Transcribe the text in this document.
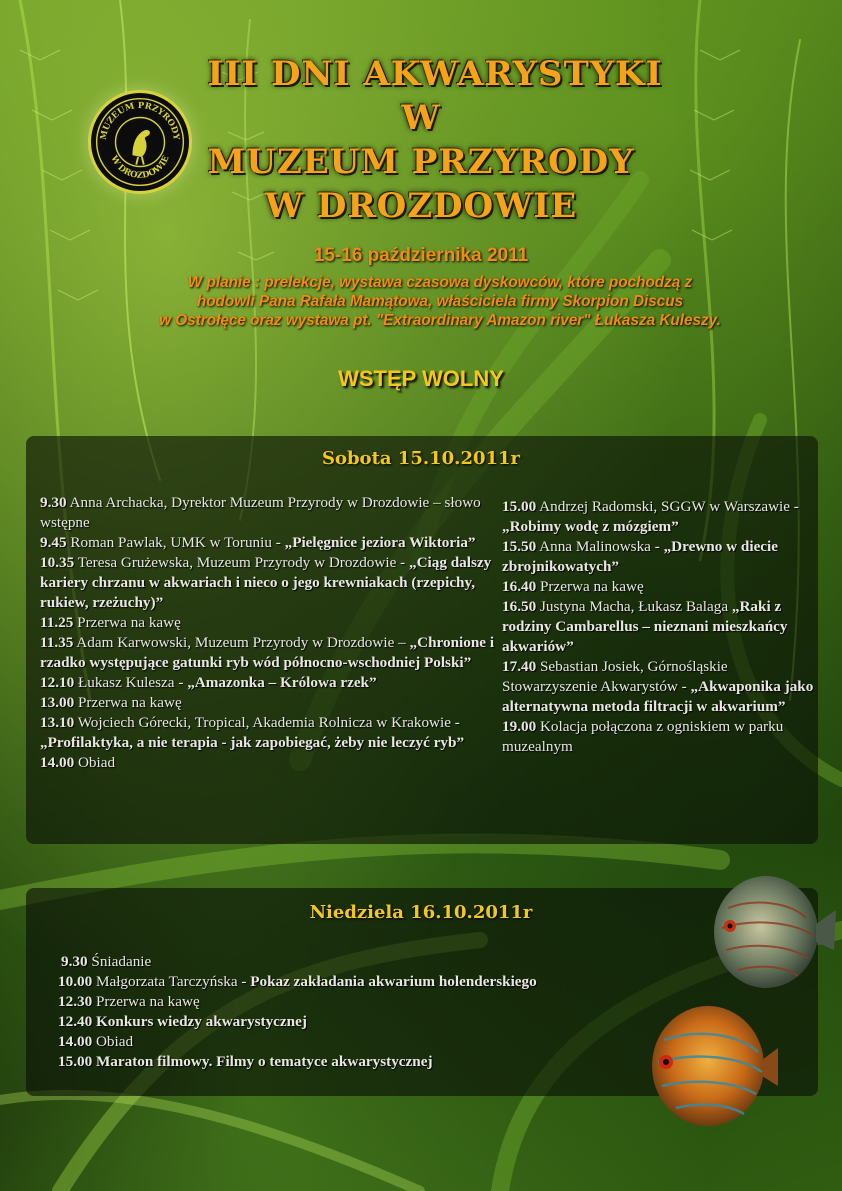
MUZEUM PRZYRODY
W DROZDOWIE
III DNI AKWARYSTYKI
W
MUZEUM PRZYRODY
W DROZDOWIE
15-16 października 2011
W planie : prelekcje, wystawa czasowa dyskowców, które pochodzą z
hodowli Pana Rafała Mamątowa, właściciela firmy Skorpion Discus
w Ostrołęce oraz wystawa pt. "Extraordinary Amazon river" Łukasza Kuleszy.
WSTĘP WOLNY
Sobota 15.10.2011r
9.30 Anna Archacka, Dyrektor Muzeum Przyrody w Drozdowie – słowo wstępne
9.45 Roman Pawlak, UMK w Toruniu - „Pielęgnice jeziora Wiktoria”
10.35 Teresa Grużewska, Muzeum Przyrody w Drozdowie - „Ciąg dalszy kariery chrzanu w akwariach i nieco o jego krewniakach (rzepichy, rukiew, rzeżuchy)”
11.25 Przerwa na kawę
11.35 Adam Karwowski, Muzeum Przyrody w Drozdowie – „Chronione i rzadko występujące gatunki ryb wód północno-wschodniej Polski”
12.10 Łukasz Kulesza - „Amazonka – Królowa rzek”
13.00 Przerwa na kawę
13.10 Wojciech Górecki, Tropical, Akademia Rolnicza w Krakowie - „Profilaktyka, a nie terapia - jak zapobiegać, żeby nie leczyć ryb”
14.00 Obiad
15.00 Andrzej Radomski, SGGW w Warszawie - „Robimy wodę z mózgiem”
15.50 Anna Malinowska - „Drewno w diecie zbrojnikowatych”
16.40 Przerwa na kawę
16.50 Justyna Macha, Łukasz Balaga „Raki z rodziny Cambarellus – nieznani mieszkańcy akwariów”
17.40 Sebastian Josiek, Górnośląskie Stowarzyszenie Akwarystów - „Akwaponika jako alternatywna metoda filtracji w akwarium”
19.00 Kolacja połączona z ogniskiem w parku muzealnym
Niedziela 16.10.2011r
9.30 Śniadanie
10.00 Małgorzata Tarczyńska - Pokaz zakładania akwarium holenderskiego
12.30 Przerwa na kawę
12.40 Konkurs wiedzy akwarystycznej
14.00 Obiad
15.00 Maraton filmowy. Filmy o tematyce akwarystycznej
